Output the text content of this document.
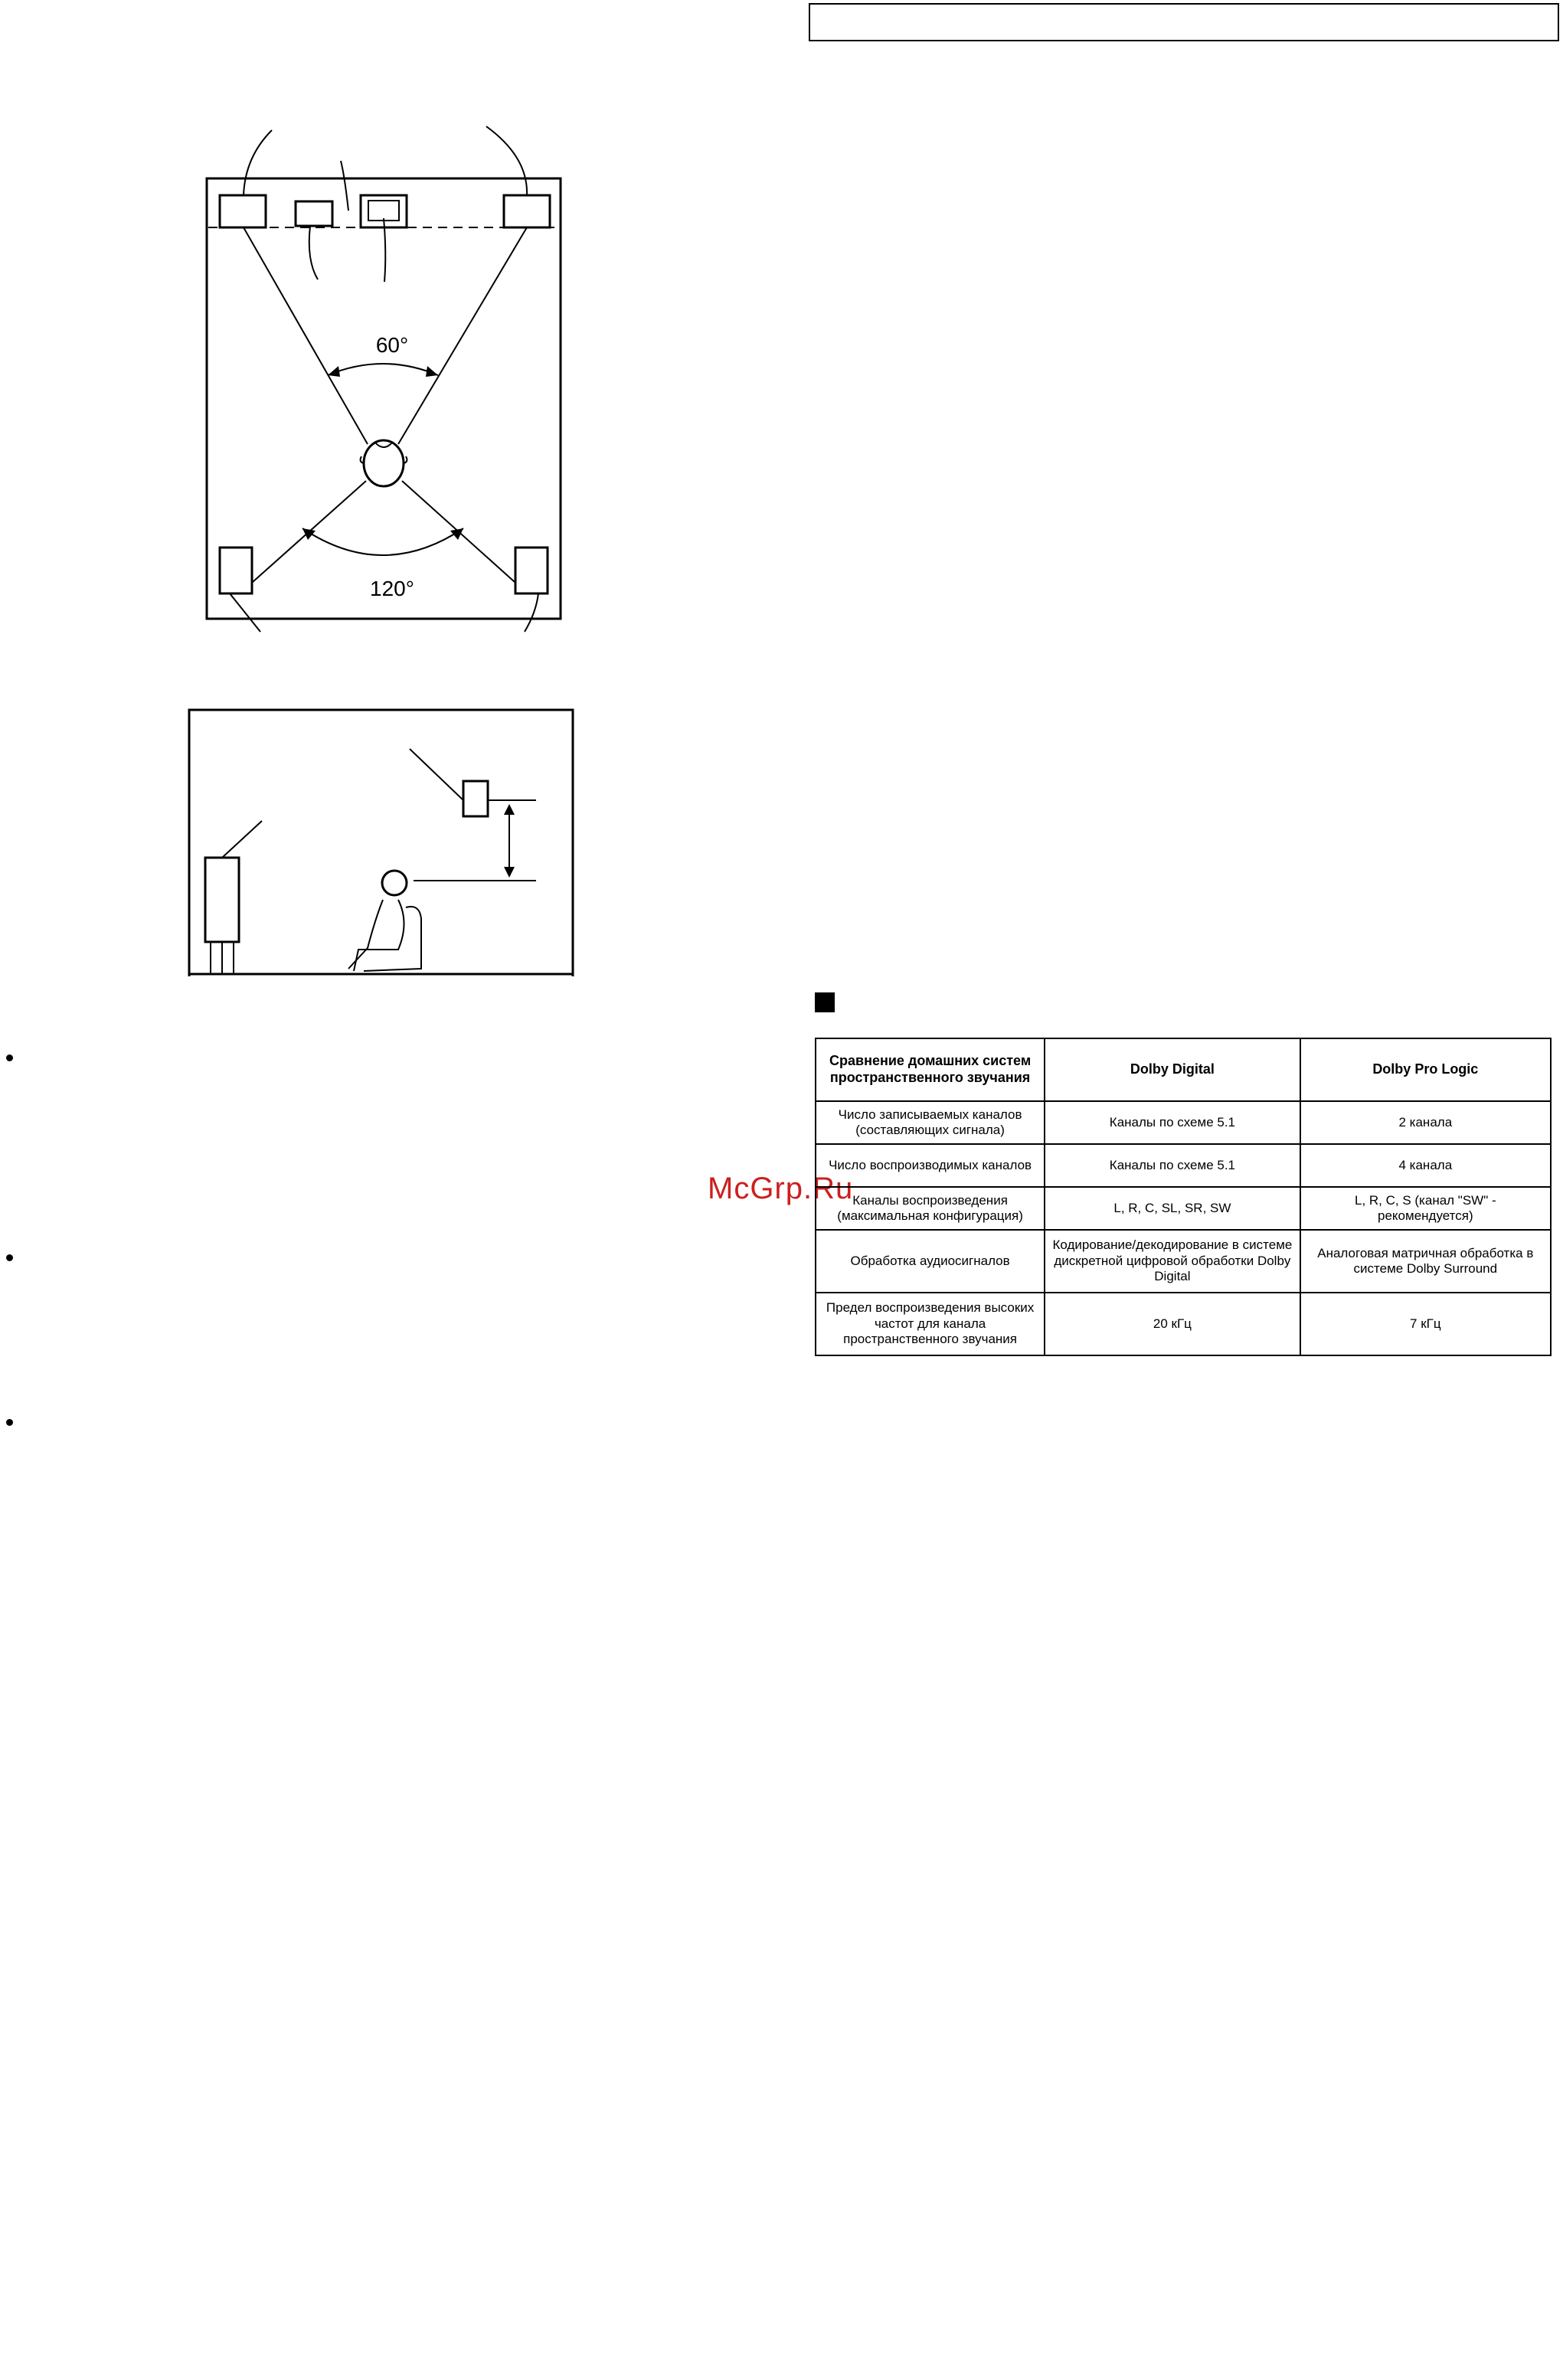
60°
120°
McGrp.Ru
Сравнение домашних систем пространственного звучания	Dolby Digital	Dolby Pro Logic
Число записываемых каналов (составляющих сигнала)	Каналы по схеме 5.1	2 канала
Число воспроизводимых каналов	Каналы по схеме 5.1	4 канала
Каналы воспроизведения (максимальная конфигурация)	L, R, C, SL, SR, SW	L, R, C, S (канал "SW" - рекомендуется)
Обработка аудиосигналов	Кодирование/декодирование в системе дискретной цифровой обработки Dolby Digital	Аналоговая матричная обработка в системе Dolby Surround
Предел воспроизведения высоких частот для канала пространственного звучания	20 кГц	7 кГц
